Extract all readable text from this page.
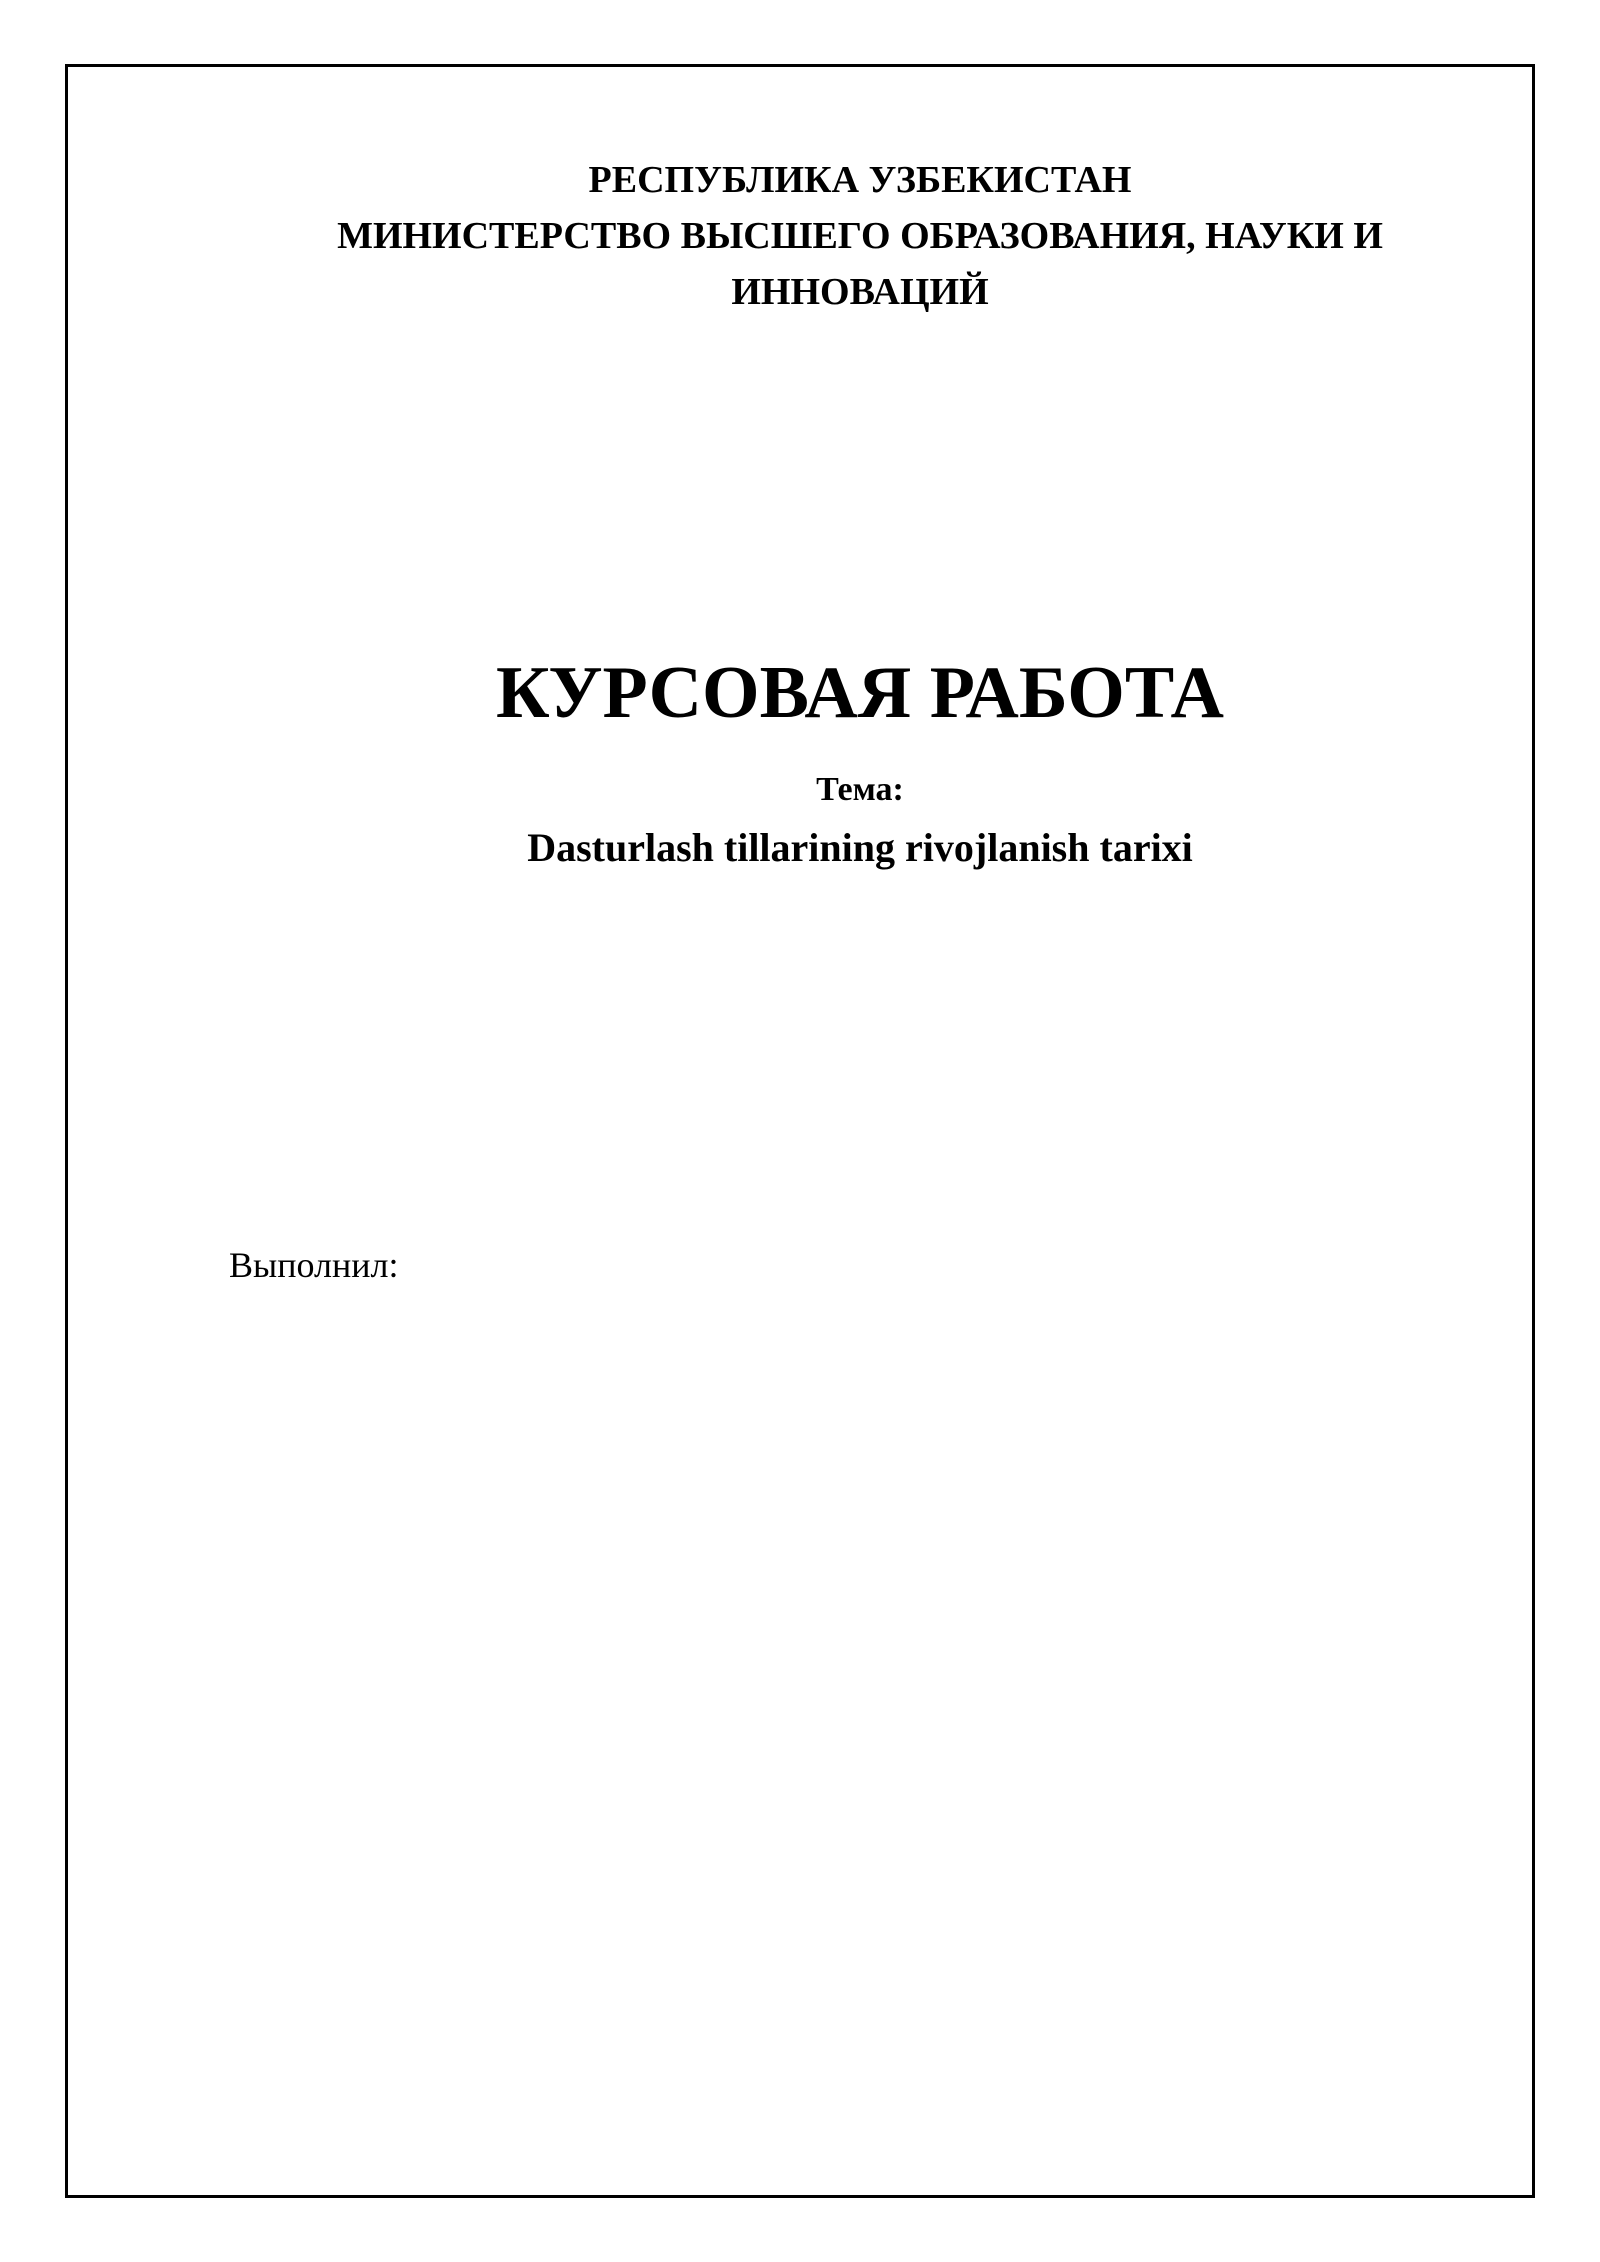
РЕСПУБЛИКА УЗБЕКИСТАН
МИНИСТЕРСТВО ВЫСШЕГО ОБРАЗОВАНИЯ, НАУКИ И
ИННОВАЦИЙ
КУРСОВАЯ РАБОТА
Тема:
Dasturlash tillarining rivojlanish tarixi
Выполнил:
